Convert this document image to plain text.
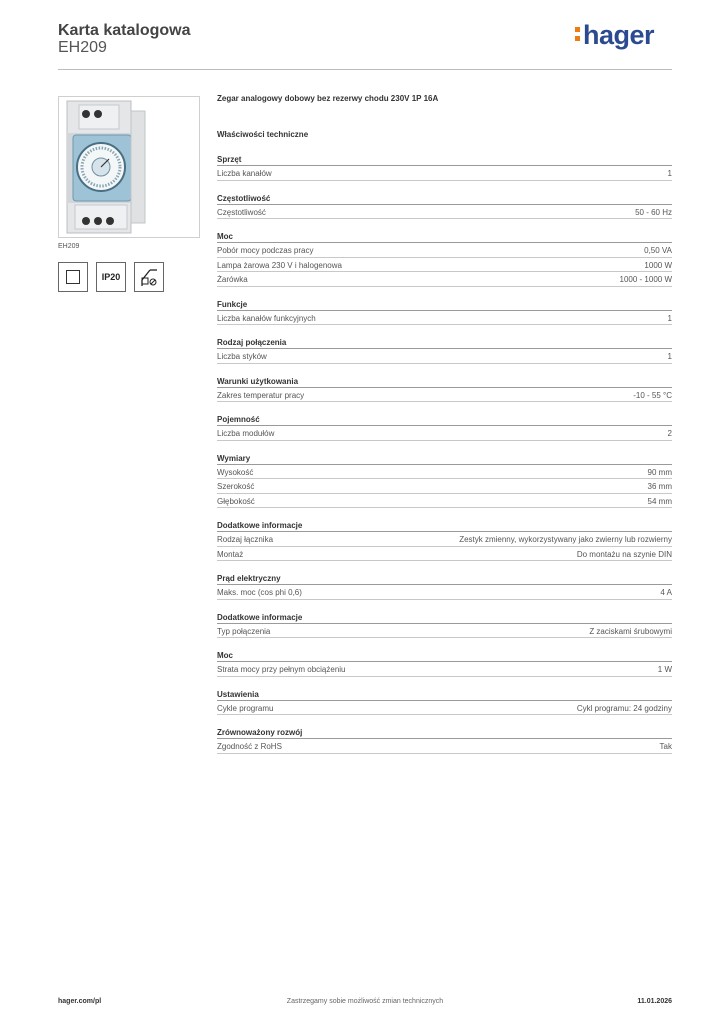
Karta katalogowa
EH209	hager
EH209
IP20
Zegar analogowy dobowy bez rezerwy chodu 230V 1P 16A
Właściwości techniczne
Sprzęt
Liczba kanałów	1
Częstotliwość
Częstotliwość	50 - 60 Hz
Moc
Pobór mocy podczas pracy	0,50 VA
Lampa żarowa 230 V i halogenowa	1000 W
Żarówka	1000 - 1000 W
Funkcje
Liczba kanałów funkcyjnych	1
Rodzaj połączenia
Liczba styków	1
Warunki użytkowania
Zakres temperatur pracy	-10 - 55 °C
Pojemność
Liczba modułów	2
Wymiary
Wysokość	90 mm
Szerokość	36 mm
Głębokość	54 mm
Dodatkowe informacje
Rodzaj łącznika	Zestyk zmienny, wykorzystywany jako zwierny lub rozwierny
Montaż	Do montażu na szynie DIN
Prąd elektryczny
Maks. moc (cos phi 0,6)	4 A
Dodatkowe informacje
Typ połączenia	Z zaciskami śrubowymi
Moc
Strata mocy przy pełnym obciążeniu	1 W
Ustawienia
Cykle programu	Cykl programu: 24 godziny
Zrównoważony rozwój
Zgodność z RoHS	Tak
hager.com/pl	Zastrzegamy sobie możliwość zmian technicznych	11.01.2026
